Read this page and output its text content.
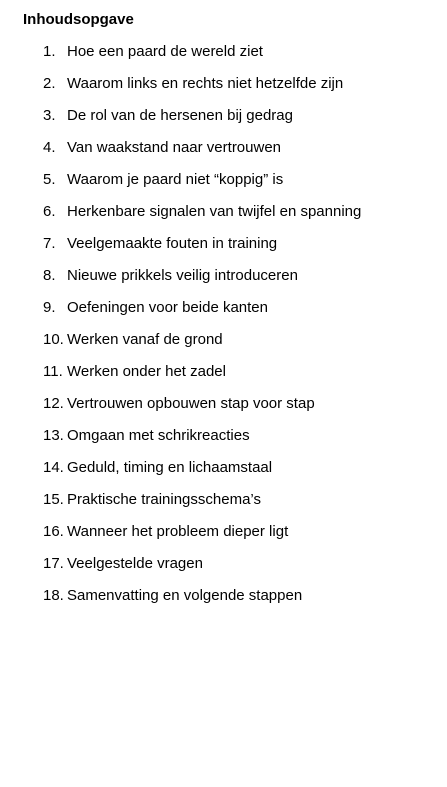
Inhoudsopgave
1. Hoe een paard de wereld ziet
2. Waarom links en rechts niet hetzelfde zijn
3. De rol van de hersenen bij gedrag
4. Van waakstand naar vertrouwen
5. Waarom je paard niet “koppig” is
6. Herkenbare signalen van twijfel en spanning
7. Veelgemaakte fouten in training
8. Nieuwe prikkels veilig introduceren
9. Oefeningen voor beide kanten
10. Werken vanaf de grond
11. Werken onder het zadel
12. Vertrouwen opbouwen stap voor stap
13. Omgaan met schrikreacties
14. Geduld, timing en lichaamstaal
15. Praktische trainingsschema’s
16. Wanneer het probleem dieper ligt
17. Veelgestelde vragen
18. Samenvatting en volgende stappen
